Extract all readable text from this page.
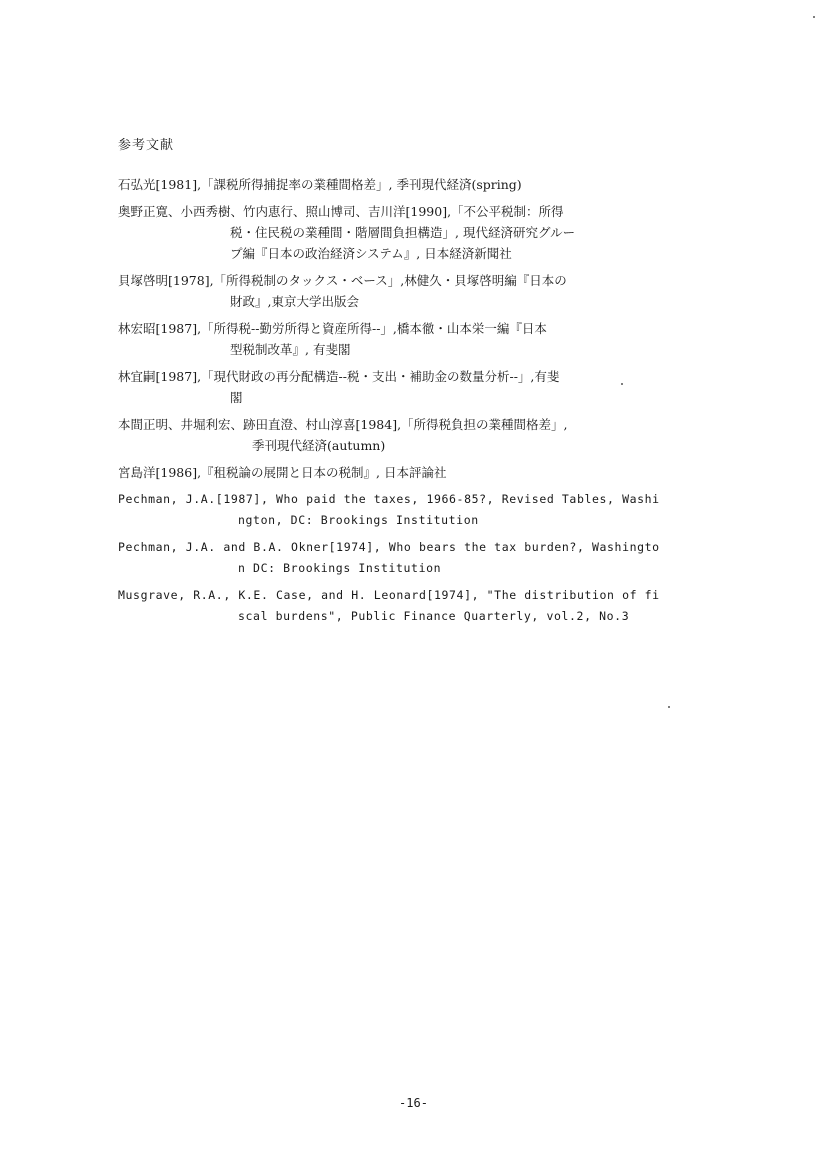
参考文献
石弘光[1981],「課税所得捕捉率の業種間格差」, 季刊現代経済(spring)
奥野正寛、小西秀樹、竹内恵行、照山博司、吉川洋[1990],「不公平税制：所得
税・住民税の業種間・階層間負担構造」, 現代経済研究グルー
プ編『日本の政治経済システム』, 日本経済新聞社
貝塚啓明[1978],「所得税制のタックス・ベース」,林健久・貝塚啓明編『日本の
財政』,東京大学出版会
林宏昭[1987],「所得税--勤労所得と資産所得--」,橋本徹・山本栄一編『日本
型税制改革』, 有斐閣
林宜嗣[1987],「現代財政の再分配構造--税・支出・補助金の数量分析--」,有斐
閣
本間正明、井堀利宏、跡田直澄、村山淳喜[1984],「所得税負担の業種間格差」,
季刊現代経済(autumn)
宮島洋[1986],『租税論の展開と日本の税制』, 日本評論社
Pechman, J.A.[1987], Who paid the taxes, 1966-85?, Revised Tables, Washi
ngton, DC: Brookings Institution
Pechman, J.A. and B.A. Okner[1974], Who bears the tax burden?, Washingto
n DC: Brookings Institution
Musgrave, R.A., K.E. Case, and H. Leonard[1974], "The distribution of fi
scal burdens", Public Finance Quarterly, vol.2, No.3
-16-
